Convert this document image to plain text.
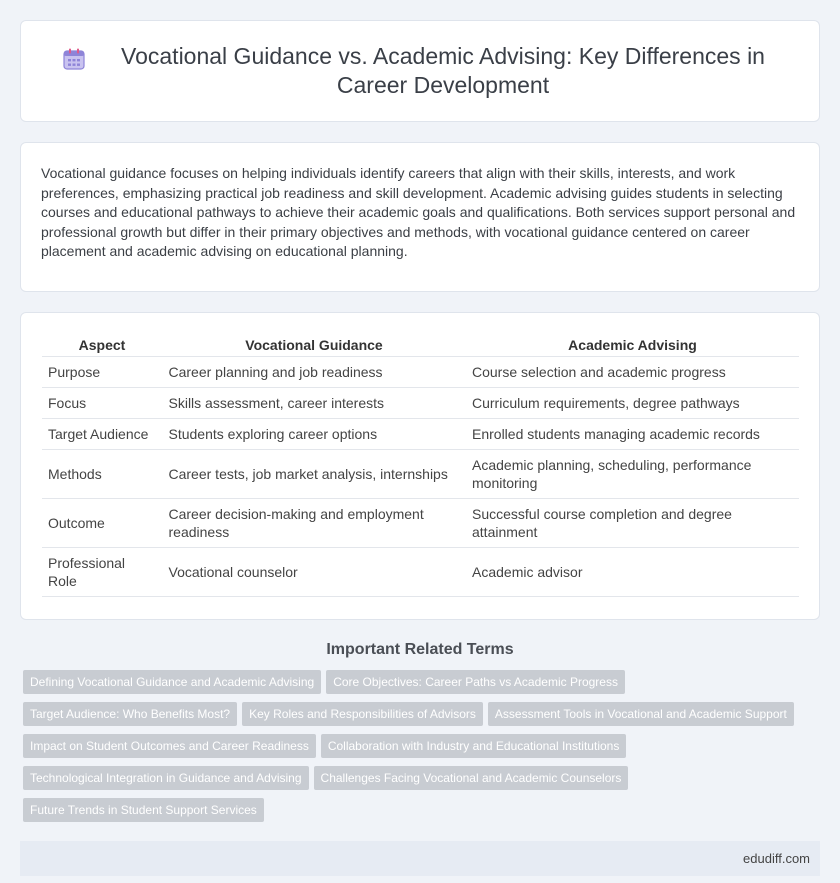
Vocational Guidance vs. Academic Advising: Key Differences in Career Development

Vocational guidance focuses on helping individuals identify careers that align with their skills, interests, and work preferences, emphasizing practical job readiness and skill development. Academic advising guides students in selecting courses and educational pathways to achieve their academic goals and qualifications. Both services support personal and professional growth but differ in their primary objectives and methods, with vocational guidance centered on career placement and academic advising on educational planning.

Aspect	Vocational Guidance	Academic Advising
Purpose	Career planning and job readiness	Course selection and academic progress
Focus	Skills assessment, career interests	Curriculum requirements, degree pathways
Target Audience	Students exploring career options	Enrolled students managing academic records
Methods	Career tests, job market analysis, internships	Academic planning, scheduling, performance monitoring
Outcome	Career decision-making and employment readiness	Successful course completion and degree attainment
Professional Role	Vocational counselor	Academic advisor
Important Related Terms
Defining Vocational Guidance and Academic Advising	Core Objectives: Career Paths vs Academic Progress
Target Audience: Who Benefits Most?	Key Roles and Responsibilities of Advisors	Assessment Tools in Vocational and Academic Support
Impact on Student Outcomes and Career Readiness	Collaboration with Industry and Educational Institutions
Technological Integration in Guidance and Advising	Challenges Facing Vocational and Academic Counselors
Future Trends in Student Support Services
edudiff.com
